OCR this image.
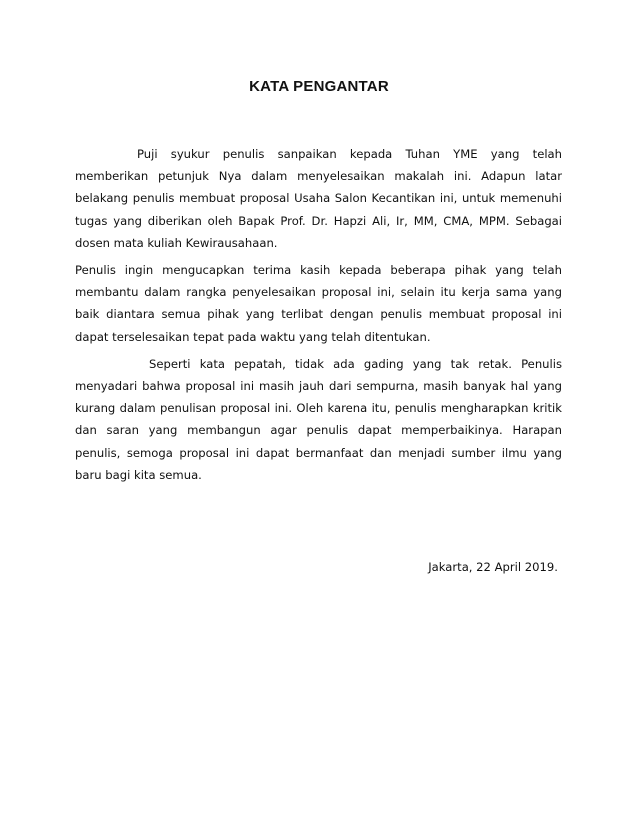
KATA PENGANTAR

Puji syukur penulis sanpaikan kepada Tuhan YME yang telah memberikan petunjuk Nya dalam menyelesaikan makalah ini. Adapun latar belakang penulis membuat proposal Usaha Salon Kecantikan ini, untuk memenuhi tugas yang diberikan oleh Bapak Prof. Dr. Hapzi Ali, Ir, MM, CMA, MPM. Sebagai dosen mata kuliah Kewirausahaan.

Penulis ingin mengucapkan terima kasih kepada beberapa pihak yang telah membantu dalam rangka penyelesaikan proposal ini, selain itu kerja sama yang baik diantara semua pihak yang terlibat dengan penulis membuat proposal ini dapat terselesaikan tepat pada waktu yang telah ditentukan.

Seperti kata pepatah, tidak ada gading yang tak retak. Penulis menyadari bahwa proposal ini masih jauh dari sempurna, masih banyak hal yang kurang dalam penulisan proposal ini. Oleh karena itu, penulis mengharapkan kritik dan saran yang membangun agar penulis dapat memperbaikinya. Harapan penulis, semoga proposal ini dapat bermanfaat dan menjadi sumber ilmu yang baru bagi kita semua.

Jakarta, 22 April 2019.
